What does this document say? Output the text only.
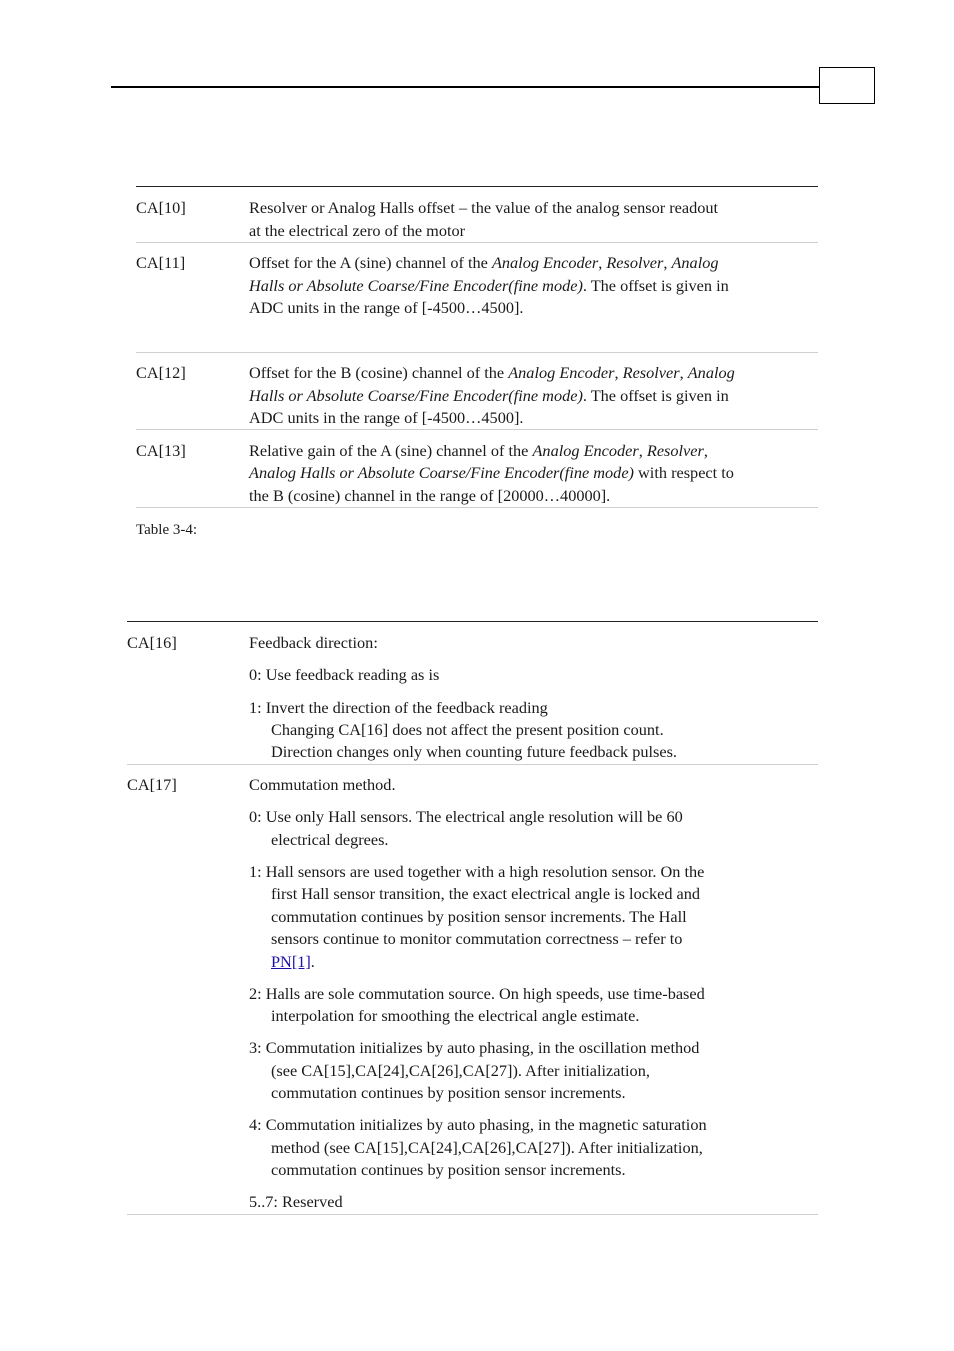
CA[10]	Resolver or Analog Halls offset – the value of the analog sensor readout
at the electrical zero of the motor
CA[11]	Offset for the A (sine) channel of the Analog Encoder, Resolver, Analog
Halls or Absolute Coarse/Fine Encoder(fine mode). The offset is given in
ADC units in the range of [-4500…4500].
CA[12]	Offset for the B (cosine) channel of the Analog Encoder, Resolver, Analog
Halls or Absolute Coarse/Fine Encoder(fine mode). The offset is given in
ADC units in the range of [-4500…4500].
CA[13]	Relative gain of the A (sine) channel of the Analog Encoder, Resolver,
Analog Halls or Absolute Coarse/Fine Encoder(fine mode) with respect to
the B (cosine) channel in the range of [20000…40000].
Table 3-4:
CA[16]	Feedback direction:
0: Use feedback reading as is
1: Invert the direction of the feedback reading
Changing CA[16] does not affect the present position count.
Direction changes only when counting future feedback pulses.
CA[17]	Commutation method.
0: Use only Hall sensors. The electrical angle resolution will be 60
electrical degrees.
1: Hall sensors are used together with a high resolution sensor. On the
first Hall sensor transition, the exact electrical angle is locked and
commutation continues by position sensor increments. The Hall
sensors continue to monitor commutation correctness – refer to
PN[1].
2: Halls are sole commutation source. On high speeds, use time-based
interpolation for smoothing the electrical angle estimate.
3: Commutation initializes by auto phasing, in the oscillation method
(see CA[15],CA[24],CA[26],CA[27]). After initialization,
commutation continues by position sensor increments.
4: Commutation initializes by auto phasing, in the magnetic saturation
method (see CA[15],CA[24],CA[26],CA[27]). After initialization,
commutation continues by position sensor increments.
5..7: Reserved
